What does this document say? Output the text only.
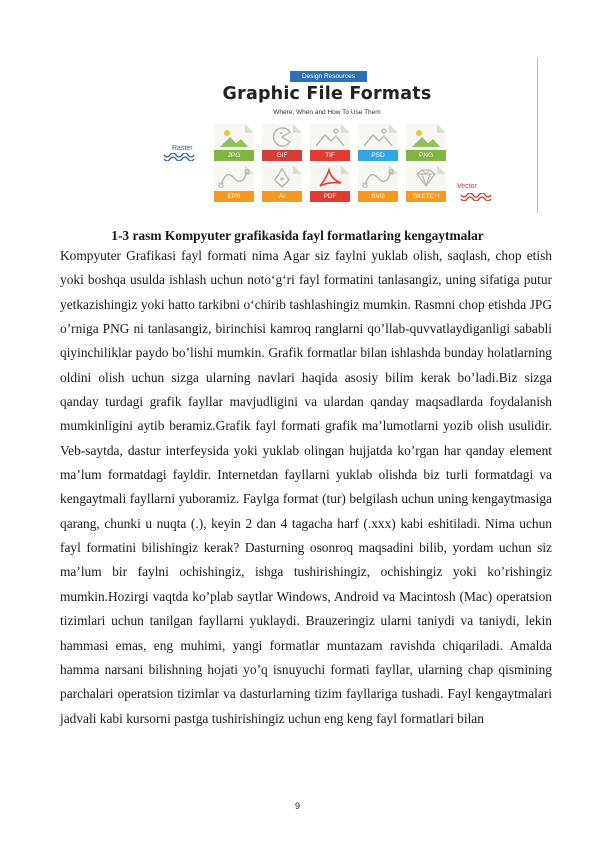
Design Resources
Graphic File Formats
Where, When and How To Use Them
Raster
Vector
JPG	GIF	TIF	PSD	PNG
EPS	AI	PDF	SVG	SKETCH
1-3 rasm Kompyuter grafikasida fayl formatlaring kengaytmalar

Kompyuter Grafikasi fayl formati nima Agar siz faylni yuklab olish, saqlash, chop etish yoki boshqa usulda ishlash uchun noto‘g‘ri fayl formatini tanlasangiz, uning sifatiga putur yetkazishingiz yoki hatto tarkibni o‘chirib tashlashingiz mumkin. Rasmni chop etishda JPG o’rniga PNG ni tanlasangiz, birinchisi kamroq ranglarni qo’llab-quvvatlaydiganligi sababli qiyinchiliklar paydo bo’lishi mumkin. Grafik formatlar bilan ishlashda bunday holatlarning oldini olish uchun sizga ularning navlari haqida asosiy bilim kerak bo’ladi.Biz sizga qanday turdagi grafik fayllar mavjudligini va ulardan qanday maqsadlarda foydalanish mumkinligini aytib beramiz.Grafik fayl formati grafik ma’lumotlarni yozib olish usulidir. Veb-saytda, dastur interfeysida yoki yuklab olingan hujjatda ko’rgan har qanday element ma’lum formatdagi fayldir. Internetdan fayllarni yuklab olishda biz turli formatdagi va kengaytmali fayllarni yuboramiz. Faylga format (tur) belgilash uchun uning kengaytmasiga qarang, chunki u nuqta (.), keyin 2 dan 4 tagacha harf (.xxx) kabi eshitiladi. Nima uchun fayl formatini bilishingiz kerak? Dasturning osonroq maqsadini bilib, yordam uchun siz ma’lum bir faylni ochishingiz, ishga tushirishingiz, ochishingiz yoki ko’rishingiz mumkin.Hozirgi vaqtda ko’plab saytlar Windows, Android va Macintosh (Mac) operatsion tizimlari uchun tanilgan fayllarni yuklaydi. Brauzeringiz ularni taniydi va taniydi, lekin hammasi emas, eng muhimi, yangi formatlar muntazam ravishda chiqariladi. Amalda hamma narsani bilishning hojati yo’q isnuyuchi formati fayllar, ularning chap qismining parchalari operatsion tizimlar va dasturlarning tizim fayllariga tushadi. Fayl kengaytmalari jadvali kabi kursorni pastga tushirishingiz uchun eng keng fayl formatlari bilan

9
